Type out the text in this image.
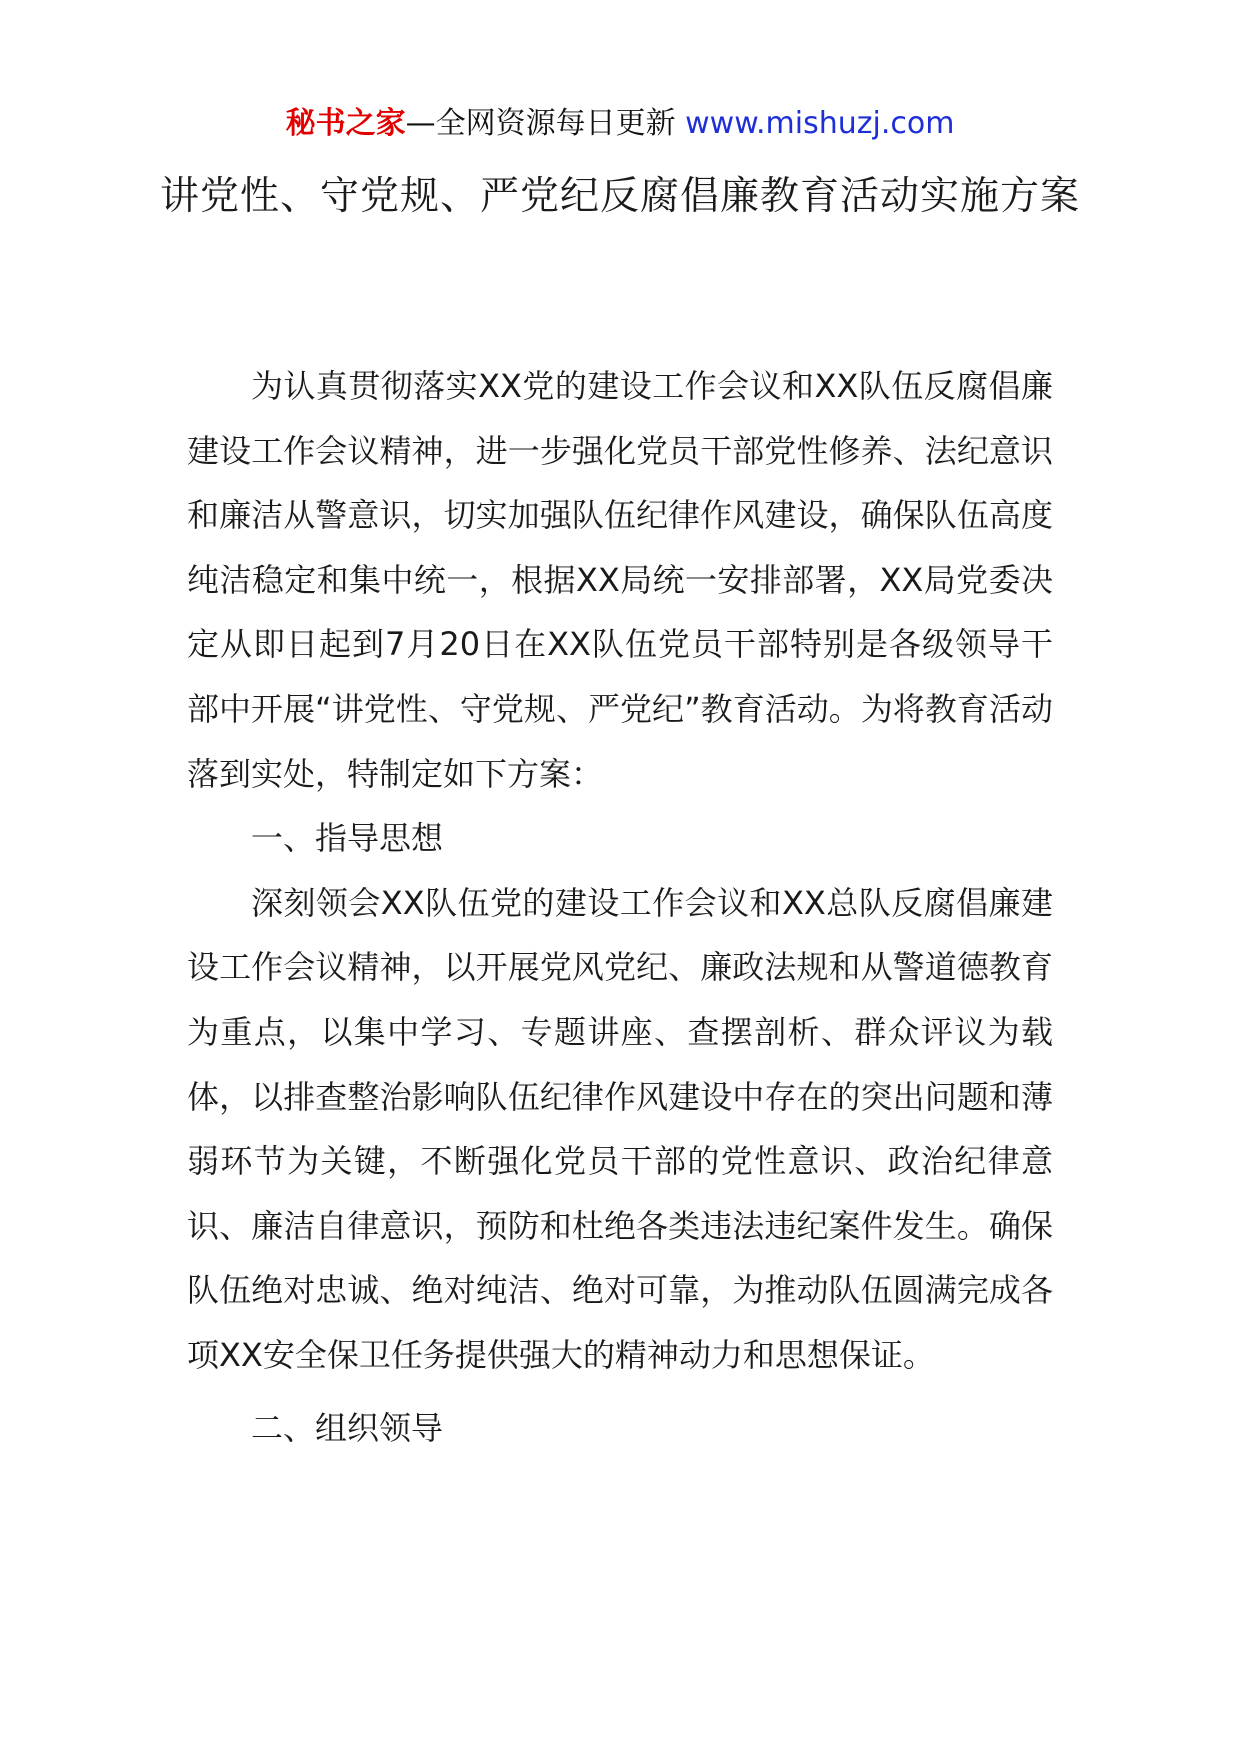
秘书之家—全网资源每日更新 www.mishuzj.com
讲党性、守党规、严党纪反腐倡廉教育活动实施方案

为认真贯彻落实XX党的建设工作会议和XX队伍反腐倡廉建设工作会议精神，进一步强化党员干部党性修养、法纪意识和廉洁从警意识，切实加强队伍纪律作风建设，确保队伍高度纯洁稳定和集中统一，根据XX局统一安排部署，XX局党委决定从即日起到7月20日在XX队伍党员干部特别是各级领导干部中开展“讲党性、守党规、严党纪”教育活动。为将教育活动落到实处，特制定如下方案：

一、指导思想

深刻领会XX队伍党的建设工作会议和XX总队反腐倡廉建设工作会议精神，以开展党风党纪、廉政法规和从警道德教育为重点，以集中学习、专题讲座、查摆剖析、群众评议为载体，以排查整治影响队伍纪律作风建设中存在的突出问题和薄弱环节为关键，不断强化党员干部的党性意识、政治纪律意识、廉洁自律意识，预防和杜绝各类违法违纪案件发生。确保队伍绝对忠诚、绝对纯洁、绝对可靠，为推动队伍圆满完成各项XX安全保卫任务提供强大的精神动力和思想保证。

二、组织领导
